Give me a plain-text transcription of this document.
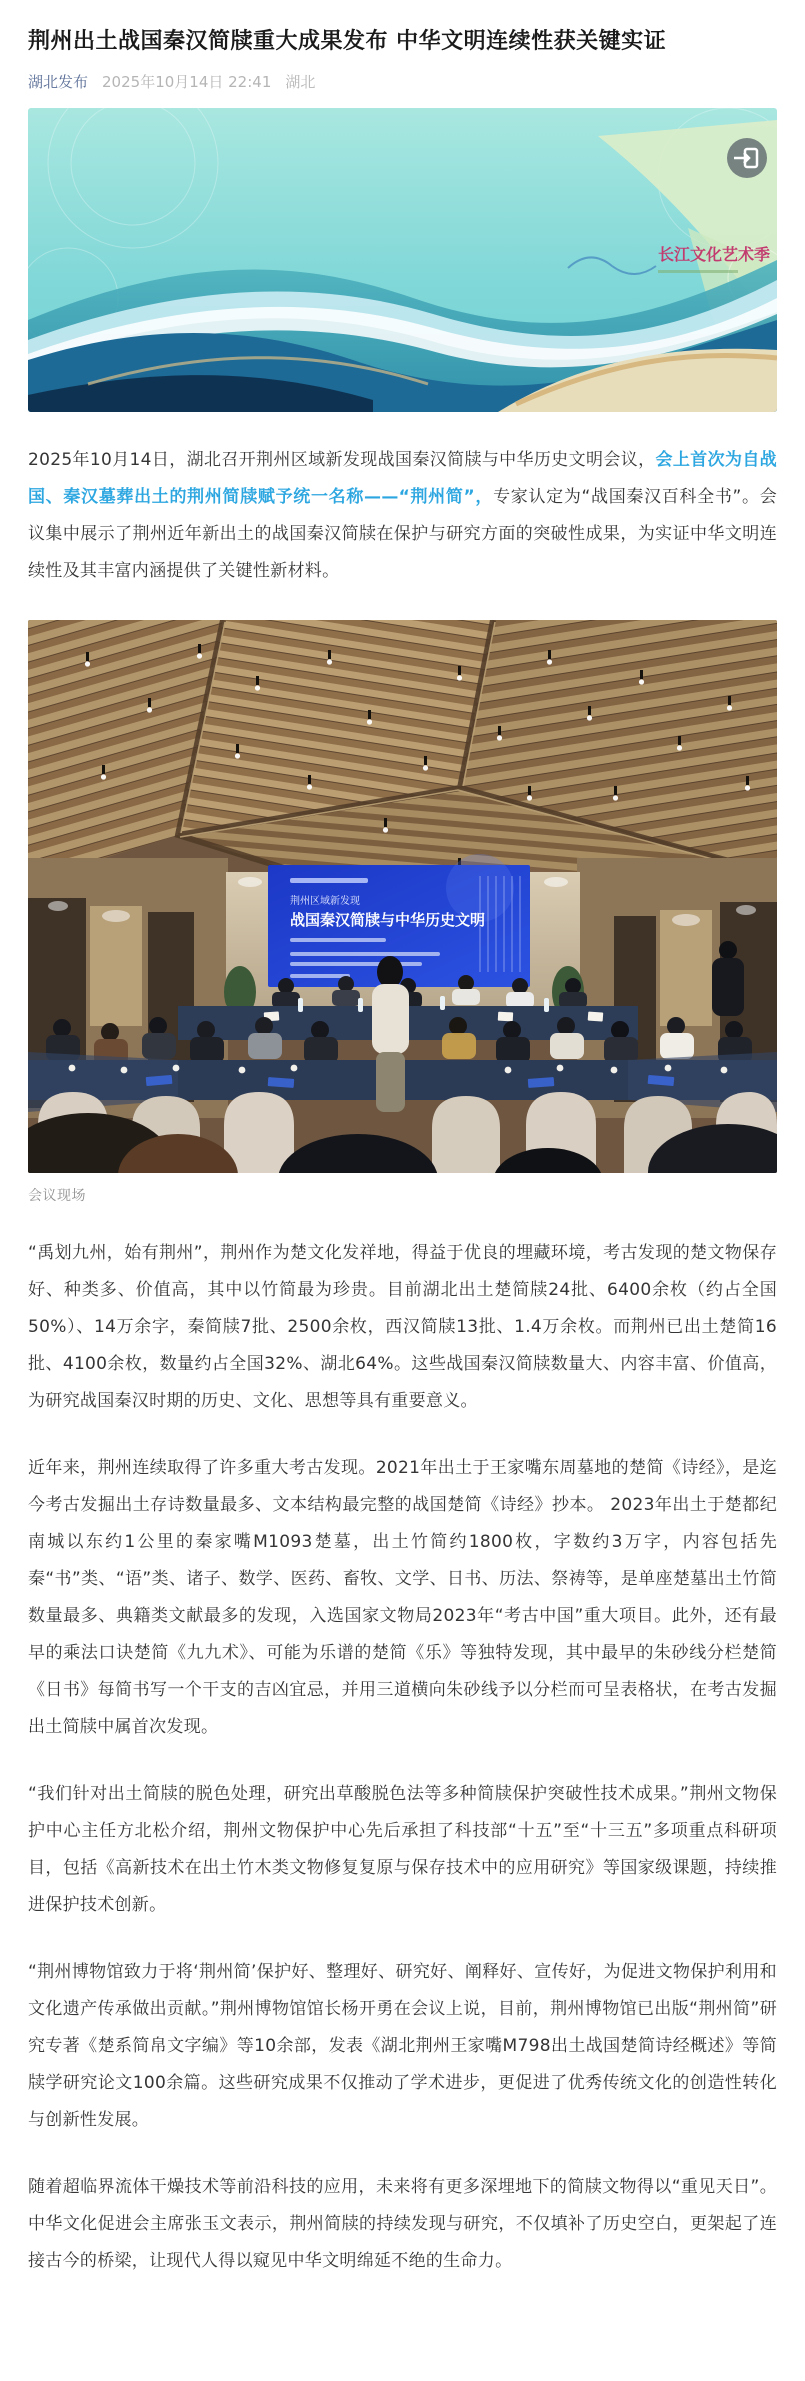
荆州出土战国秦汉简牍重大成果发布 中华文明连续性获关键实证
湖北发布 2025年10月14日 22:41 湖北
长江文化艺术季

2025年10月14日，湖北召开荆州区域新发现战国秦汉简牍与中华历史文明会议，会上首次为自战国、秦汉墓葬出土的荆州简牍赋予统一名称——“荆州简”，专家认定为“战国秦汉百科全书”。会议集中展示了荆州近年新出土的战国秦汉简牍在保护与研究方面的突破性成果，为实证中华文明连续性及其丰富内涵提供了关键性新材料。

荆州区域新发现
战国秦汉简牍与中华历史文明
会议现场

“禹划九州，始有荆州”，荆州作为楚文化发祥地，得益于优良的埋藏环境，考古发现的楚文物保存好、种类多、价值高，其中以竹简最为珍贵。目前湖北出土楚简牍24批、6400余枚（约占全国50%）、14万余字，秦简牍7批、2500余枚，西汉简牍13批、1.4万余枚。而荆州已出土楚简16批、4100余枚，数量约占全国32%、湖北64%。这些战国秦汉简牍数量大、内容丰富、价值高，为研究战国秦汉时期的历史、文化、思想等具有重要意义。

近年来，荆州连续取得了许多重大考古发现。2021年出土于王家嘴东周墓地的楚简《诗经》，是迄今考古发掘出土存诗数量最多、文本结构最完整的战国楚简《诗经》抄本。 2023年出土于楚都纪南城以东约1公里的秦家嘴M1093楚墓，出土竹简约1800枚，字数约3万字，内容包括先秦“书”类、“语”类、诸子、数学、医药、畜牧、文学、日书、历法、祭祷等，是单座楚墓出土竹简数量最多、典籍类文献最多的发现，入选国家文物局2023年“考古中国”重大项目。此外，还有最早的乘法口诀楚简《九九术》、可能为乐谱的楚简《乐》等独特发现，其中最早的朱砂线分栏楚简《日书》每简书写一个干支的吉凶宜忌，并用三道横向朱砂线予以分栏而可呈表格状，在考古发掘出土简牍中属首次发现。

“我们针对出土简牍的脱色处理，研究出草酸脱色法等多种简牍保护突破性技术成果。”荆州文物保护中心主任方北松介绍，荆州文物保护中心先后承担了科技部“十五”至“十三五”多项重点科研项目，包括《高新技术在出土竹木类文物修复复原与保存技术中的应用研究》等国家级课题，持续推进保护技术创新。

“荆州博物馆致力于将‘荆州简’保护好、整理好、研究好、阐释好、宣传好，为促进文物保护利用和文化遗产传承做出贡献。”荆州博物馆馆长杨开勇在会议上说，目前，荆州博物馆已出版“荆州简”研究专著《楚系简帛文字编》等10余部，发表《湖北荆州王家嘴M798出土战国楚简诗经概述》等简牍学研究论文100余篇。这些研究成果不仅推动了学术进步，更促进了优秀传统文化的创造性转化与创新性发展。

随着超临界流体干燥技术等前沿科技的应用，未来将有更多深埋地下的简牍文物得以“重见天日”。中华文化促进会主席张玉文表示，荆州简牍的持续发现与研究，不仅填补了历史空白，更架起了连接古今的桥梁，让现代人得以窥见中华文明绵延不绝的生命力。
